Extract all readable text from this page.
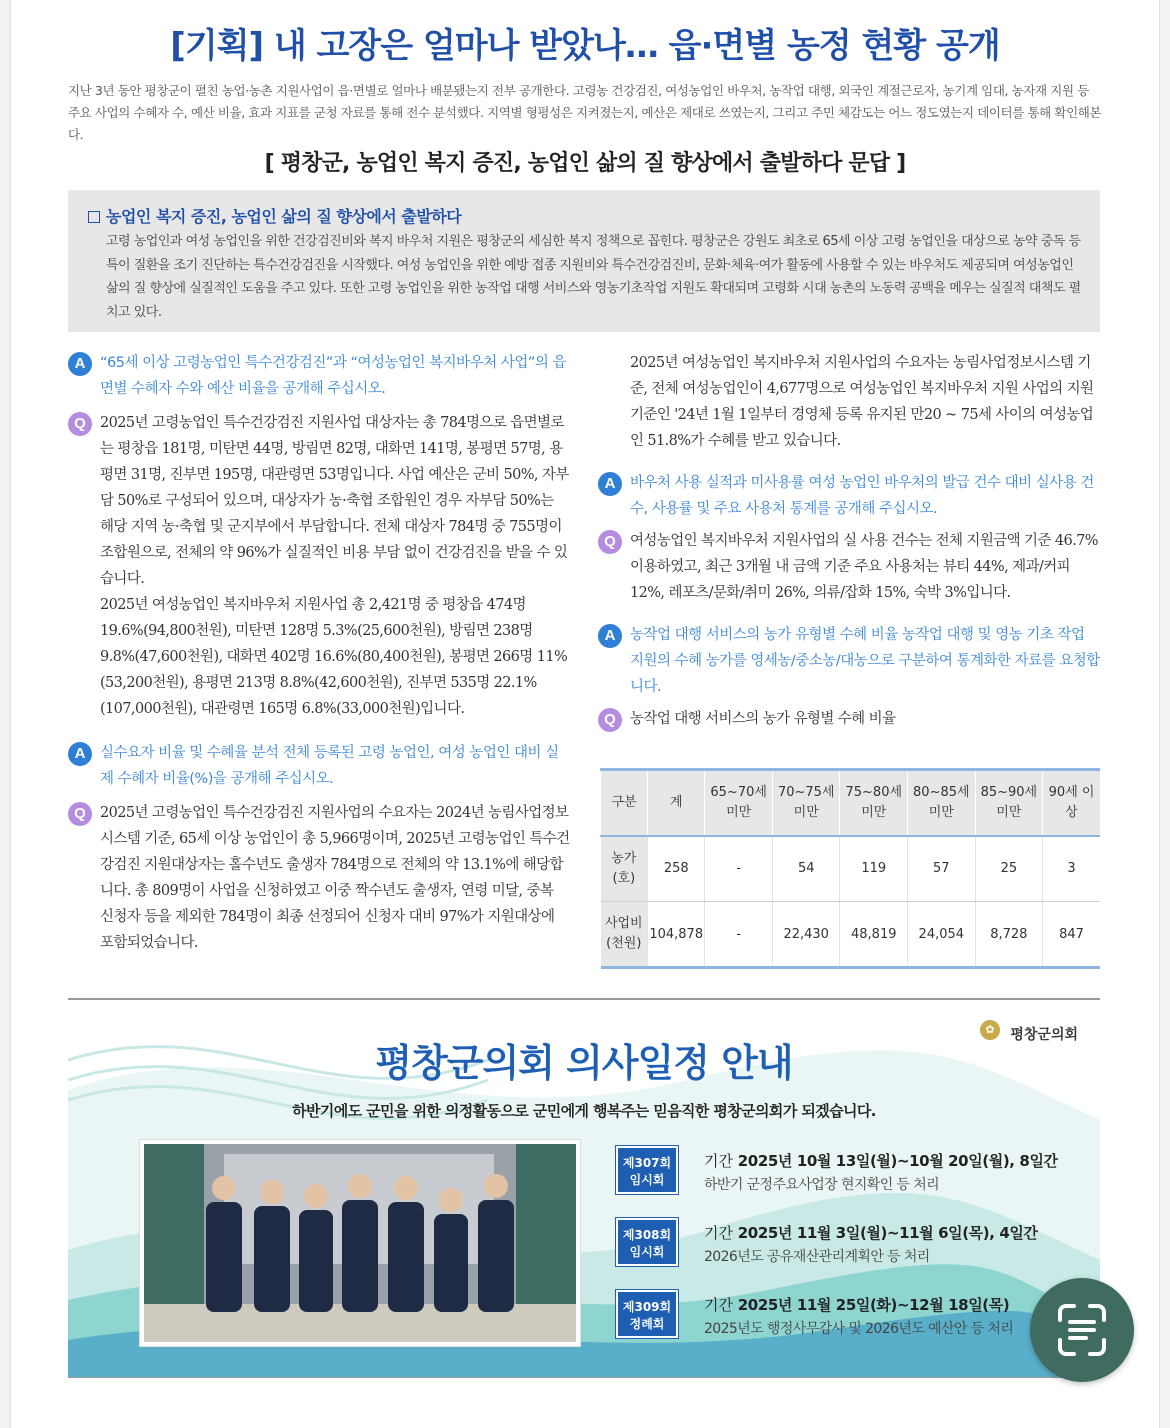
[기획] 내 고장은 얼마나 받았나… 읍·면별 농정 현황 공개
지난 3년 동안 평창군이 펼친 농업·농촌 지원사업이 읍·면별로 얼마나 배분됐는지 전부 공개한다. 고령농 건강검진, 여성농업인 바우처, 농작업 대행, 외국인 계절근로자, 농기계 임대, 농자재 지원 등 주요 사업의 수혜자 수, 예산 비율, 효과 지표를 군청 자료를 통해 전수 분석했다. 지역별 형평성은 지켜졌는지, 예산은 제대로 쓰였는지, 그리고 주민 체감도는 어느 정도였는지 데이터를 통해 확인해본다.
[ 평창군, 농업인 복지 증진, 농업인 삶의 질 향상에서 출발하다 문답 ]
농업인 복지 증진, 농업인 삶의 질 향상에서 출발하다
고령 농업인과 여성 농업인을 위한 건강검진비와 복지 바우처 지원은 평창군의 세심한 복지 정책으로 꼽힌다. 평창군은 강원도 최초로 65세 이상 고령 농업인을 대상으로 농약 중독 등 특이 질환을 조기 진단하는 특수건강검진을 시작했다. 여성 농업인을 위한 예방 접종 지원비와 특수건강검진비, 문화·체육·여가 활동에 사용할 수 있는 바우처도 제공되며 여성농업인 삶의 질 향상에 실질적인 도움을 주고 있다. 또한 고령 농업인을 위한 농작업 대행 서비스와 영농기초작업 지원도 확대되며 고령화 시대 농촌의 노동력 공백을 메우는 실질적 대책도 펼치고 있다.
A	“65세 이상 고령농업인 특수건강검진”과 “여성농업인 복지바우처 사업”의 읍면별 수혜자 수와 예산 비율을 공개해 주십시오.
Q 2025년 고령농업인 특수건강검진 지원사업 대상자는 총 784명으로 읍면별로는 평창읍 181명, 미탄면 44명, 방림면 82명, 대화면 141명, 봉평면 57명, 용평면 31명, 진부면 195명, 대관령면 53명입니다. 사업 예산은 군비 50%, 자부담 50%로 구성되어 있으며, 대상자가 농·축협 조합원인 경우 자부담 50%는 해당 지역 농·축협 및 군지부에서 부담합니다. 전체 대상자 784명 중 755명이 조합원으로, 전체의 약 96%가 실질적인 비용 부담 없이 건강검진을 받을 수 있습니다.
2025년 여성농업인 복지바우처 지원사업 총 2,421명 중 평창읍 474명 19.6%(94,800천원), 미탄면 128명 5.3%(25,600천원), 방림면 238명 9.8%(47,600천원), 대화면 402명 16.6%(80,400천원), 봉평면 266명 11% (53,200천원), 용평면 213명 8.8%(42,600천원), 진부면 535명 22.1%(107,000천원), 대관령면 165명 6.8%(33,000천원)입니다.
A	실수요자 비율 및 수혜율 분석 전체 등록된 고령 농업인, 여성 농업인 대비 실제 수혜자 비율(%)을 공개해 주십시오.
Q 2025년 고령농업인 특수건강검진 지원사업의 수요자는 2024년 농림사업정보시스템 기준, 65세 이상 농업인이 총 5,966명이며, 2025년 고령농업인 특수건강검진 지원대상자는 홀수년도 출생자 784명으로 전체의 약 13.1%에 해당합니다. 총 809명이 사업을 신청하였고 이중 짝수년도 출생자, 연령 미달, 중복 신청자 등을 제외한 784명이 최종 선정되어 신청자 대비 97%가 지원대상에 포함되었습니다.
2025년 여성농업인 복지바우처 지원사업의 수요자는 농림사업정보시스템 기준, 전체 여성농업인이 4,677명으로 여성농업인 복지바우처 지원 사업의 지원기준인 '24년 1월 1일부터 경영체 등록 유지된 만20 ~ 75세 사이의 여성농업인 51.8%가 수혜를 받고 있습니다.
A	바우처 사용 실적과 미사용률 여성 농업인 바우처의 발급 건수 대비 실사용 건수, 사용률 및 주요 사용처 통계를 공개해 주십시오.
Q 여성농업인 복지바우처 지원사업의 실 사용 건수는 전체 지원금액 기준 46.7% 이용하였고, 최근 3개월 내 금액 기준 주요 사용처는 뷰티 44%, 제과/커피 12%, 레포츠/문화/취미 26%, 의류/잡화 15%, 숙박 3%입니다.
A	농작업 대행 서비스의 농가 유형별 수혜 비율 농작업 대행 및 영농 기초 작업 지원의 수혜 농가를 영세농/중소농/대농으로 구분하여 통계화한 자료를 요청합니다.
Q 농작업 대행 서비스의 농가 유형별 수혜 비율
구분	계	65~70세 미만	70~75세 미만	75~80세 미만	80~85세 미만	85~90세 미만	90세 이상
농가 (호)	258	-	54	119	57	25	3
사업비 (천원)	104,878	-	22,430	48,819	24,054	8,728	847
✿	평창군의회
평창군의회 의사일정 안내
하반기에도 군민을 위한 의정활동으로 군민에게 행복주는 믿음직한 평창군의회가 되겠습니다.
제307회
임시회
기간 2025년 10월 13일(월)~10월 20일(월), 8일간
하반기 군정주요사업장 현지확인 등 처리
제308회
임시회
기간 2025년 11월 3일(월)~11월 6일(목), 4일간
2026년도 공유재산관리계획안 등 처리
제309회
정례회
기간 2025년 11월 25일(화)~12월 18일(목)
2025년도 행정사무감사 및 2026년도 예산안 등 처리
